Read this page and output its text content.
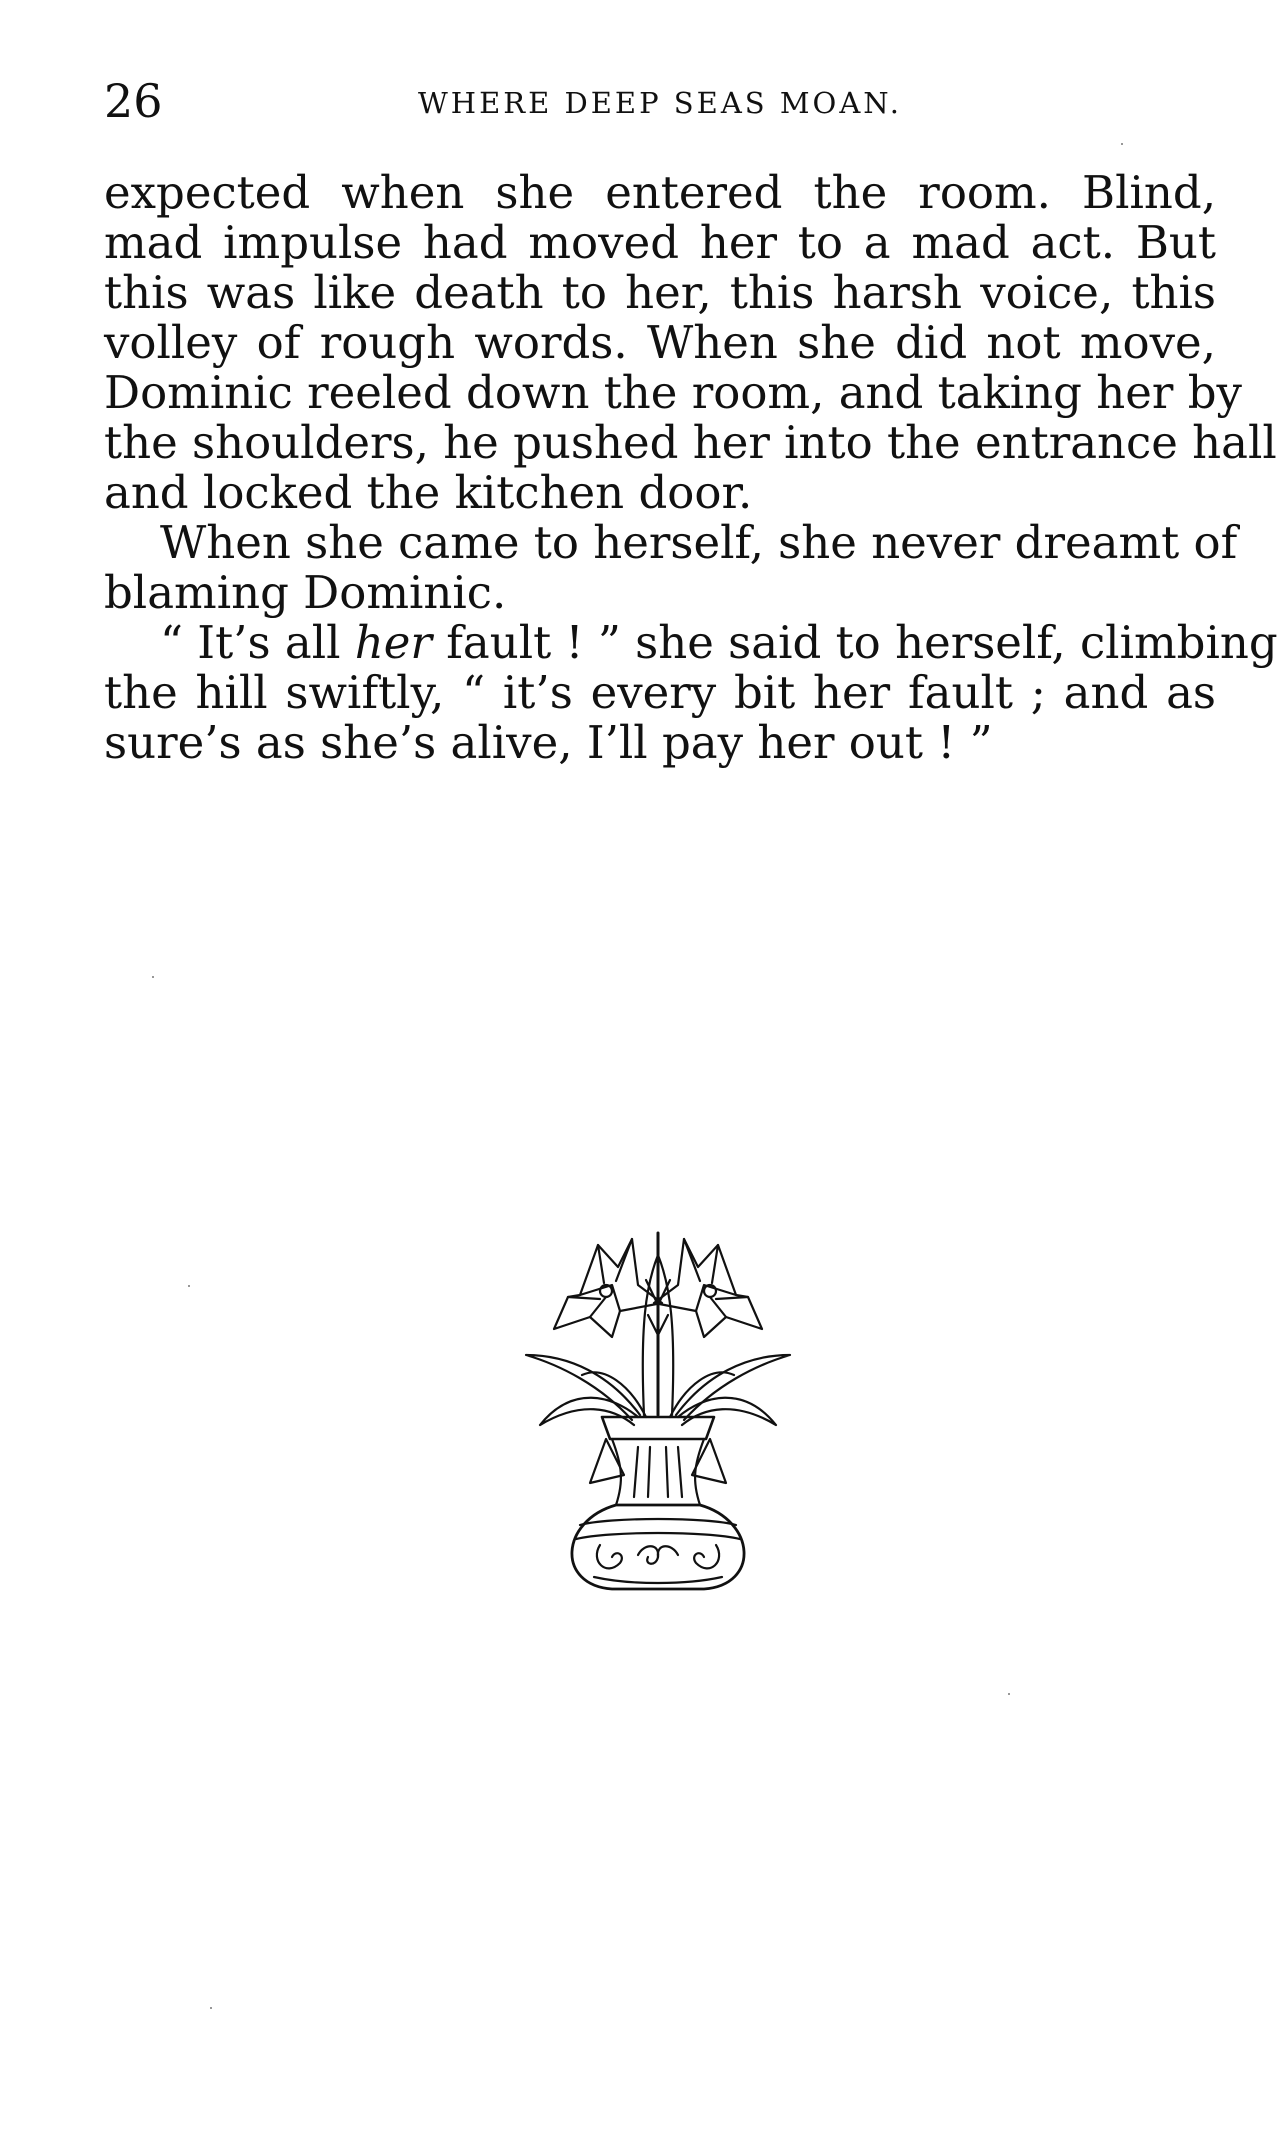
26	WHERE DEEP SEAS MOAN.
expected when she entered the room. Blind,
mad impulse had moved her to a mad act. But
this was like death to her, this harsh voice, this
volley of rough words. When she did not move,
Dominic reeled down the room, and taking her by
the shoulders, he pushed her into the entrance hall
and locked the kitchen door.
When she came to herself, she never dreamt of
blaming Dominic.
“ It’s all her fault ! ” she said to herself, climbing
the hill swiftly, “ it’s every bit her fault ; and as
sure’s as she’s alive, I’ll pay her out ! ”
